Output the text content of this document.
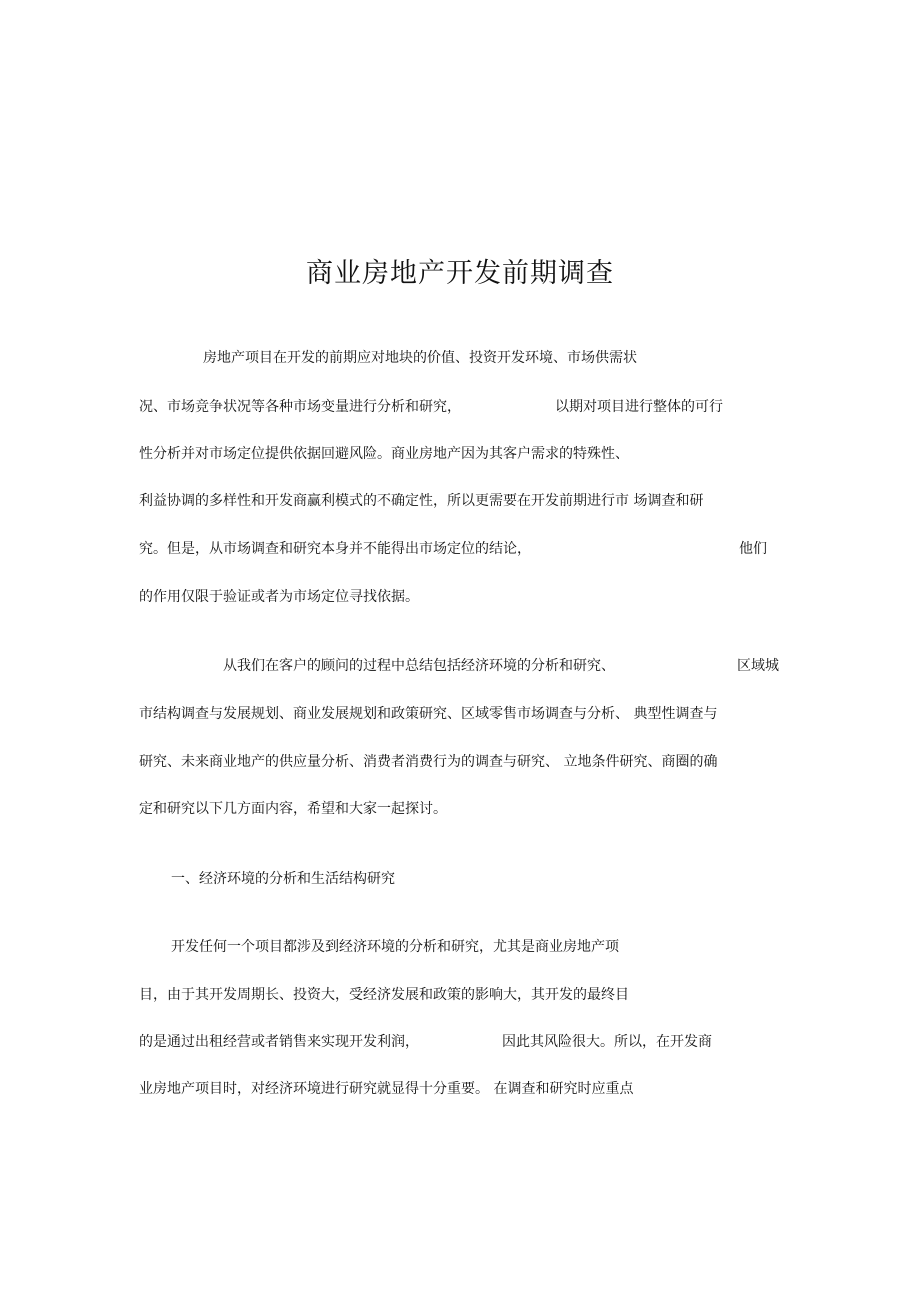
商业房地产开发前期调查
房地产项目在开发的前期应对地块的价值、投资开发环境、市场供需状
况、市场竞争状况等各种市场变量进行分析和研究，	以期对项目进行整体的可行
性分析并对市场定位提供依据回避风险。商业房地产因为其客户需求的特殊性、
利益协调的多样性和开发商赢利模式的不确定性，所以更需要在开发前期进行市 场调查和研
究。但是，从市场调查和研究本身并不能得出市场定位的结论，	他们
的作用仅限于验证或者为市场定位寻找依据。
从我们在客户的顾问的过程中总结包括经济环境的分析和研究、	区域城
市结构调查与发展规划、商业发展规划和政策研究、区域零售市场调查与分析、 典型性调查与
研究、未来商业地产的供应量分析、消费者消费行为的调查与研究、 立地条件研究、商圈的确
定和研究以下几方面内容，希望和大家一起探讨。
一、经济环境的分析和生活结构研究
开发任何一个项目都涉及到经济环境的分析和研究，尤其是商业房地产项
目，由于其开发周期长、投资大，受经济发展和政策的影响大，其开发的最终目
的是通过出租经营或者销售来实现开发利润，	因此其风险很大。所以，在开发商
业房地产项目时，对经济环境进行研究就显得十分重要。 在调查和研究时应重点
